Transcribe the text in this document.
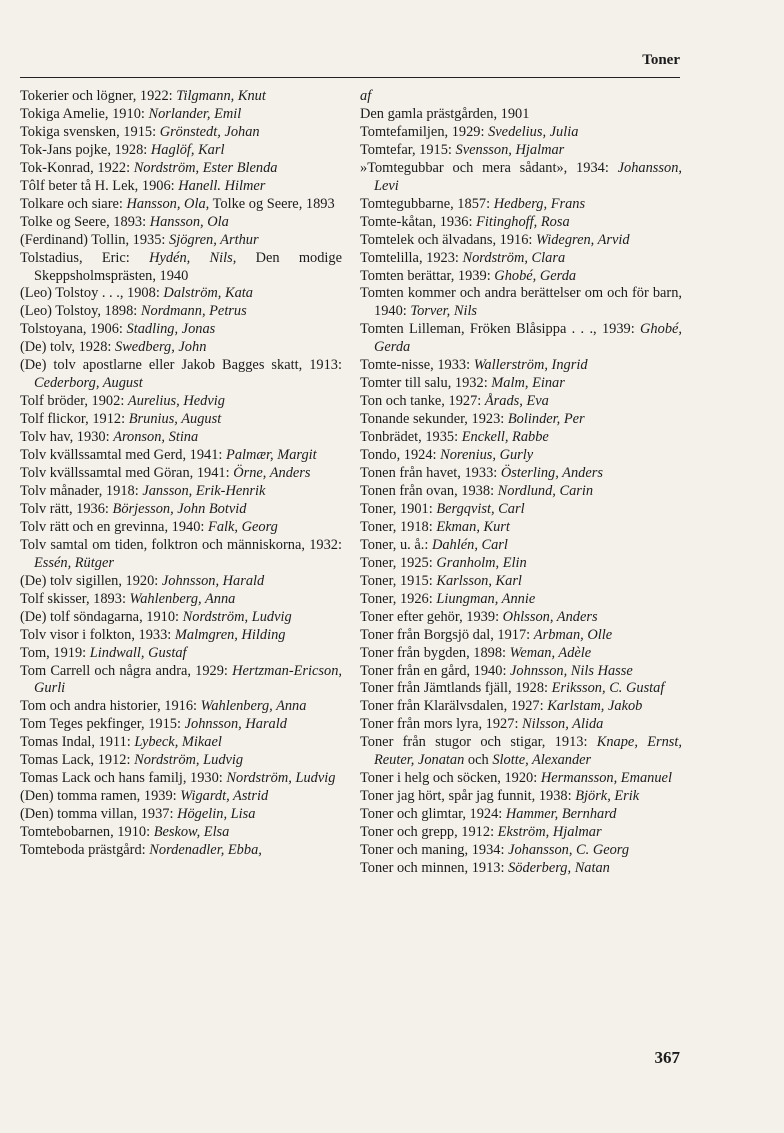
Toner
Tokerier och lögner, 1922: Tilgmann, Knut
Tokiga Amelie, 1910: Norlander, Emil
Tokiga svensken, 1915: Grönstedt, Johan
Tok-Jans pojke, 1928: Haglöf, Karl
Tok-Konrad, 1922: Nordström, Ester Blenda
Tôlf beter tå H. Lek, 1906: Hanell. Hilmer
Tolkare och siare: Hansson, Ola, Tolke og Seere, 1893
Tolke og Seere, 1893: Hansson, Ola
(Ferdinand) Tollin, 1935: Sjögren, Arthur
Tolstadius, Eric: Hydén, Nils, Den modige Skeppsholmsprästen, 1940
(Leo) Tolstoy . . ., 1908: Dalström, Kata
(Leo) Tolstoy, 1898: Nordmann, Petrus
Tolstoyana, 1906: Stadling, Jonas
(De) tolv, 1928: Swedberg, John
(De) tolv apostlarne eller Jakob Bagges skatt, 1913: Cederborg, August
Tolf bröder, 1902: Aurelius, Hedvig
Tolf flickor, 1912: Brunius, August
Tolv hav, 1930: Aronson, Stina
Tolv kvällssamtal med Gerd, 1941: Palmær, Margit
Tolv kvällssamtal med Göran, 1941: Örne, Anders
Tolv månader, 1918: Jansson, Erik-Henrik
Tolv rätt, 1936: Börjesson, John Botvid
Tolv rätt och en grevinna, 1940: Falk, Georg
Tolv samtal om tiden, folktron och människorna, 1932: Essén, Rütger
(De) tolv sigillen, 1920: Johnsson, Harald
Tolf skisser, 1893: Wahlenberg, Anna
(De) tolf söndagarna, 1910: Nordström, Ludvig
Tolv visor i folkton, 1933: Malmgren, Hilding
Tom, 1919: Lindwall, Gustaf
Tom Carrell och några andra, 1929: Hertzman-Ericson, Gurli
Tom och andra historier, 1916: Wahlenberg, Anna
Tom Teges pekfinger, 1915: Johnsson, Harald
Tomas Indal, 1911: Lybeck, Mikael
Tomas Lack, 1912: Nordström, Ludvig
Tomas Lack och hans familj, 1930: Nordström, Ludvig
(Den) tomma ramen, 1939: Wigardt, Astrid
(Den) tomma villan, 1937: Högelin, Lisa
Tomtebobarnen, 1910: Beskow, Elsa
Tomteboda prästgård: Nordenadler, Ebba,
af
Den gamla prästgården, 1901
Tomtefamiljen, 1929: Svedelius, Julia
Tomtefar, 1915: Svensson, Hjalmar
»Tomtegubbar och mera sådant», 1934: Johansson, Levi
Tomtegubbarne, 1857: Hedberg, Frans
Tomte-kåtan, 1936: Fitinghoff, Rosa
Tomtelek och älvadans, 1916: Widegren, Arvid
Tomtelilla, 1923: Nordström, Clara
Tomten berättar, 1939: Ghobé, Gerda
Tomten kommer och andra berättelser om och för barn, 1940: Torver, Nils
Tomten Lilleman, Fröken Blåsippa . . ., 1939: Ghobé, Gerda
Tomte-nisse, 1933: Wallerström, Ingrid
Tomter till salu, 1932: Malm, Einar
Ton och tanke, 1927: Årads, Eva
Tonande sekunder, 1923: Bolinder, Per
Tonbrädet, 1935: Enckell, Rabbe
Tondo, 1924: Norenius, Gurly
Tonen från havet, 1933: Österling, Anders
Tonen från ovan, 1938: Nordlund, Carin
Toner, 1901: Bergqvist, Carl
Toner, 1918: Ekman, Kurt
Toner, u. å.: Dahlén, Carl
Toner, 1925: Granholm, Elin
Toner, 1915: Karlsson, Karl
Toner, 1926: Liungman, Annie
Toner efter gehör, 1939: Ohlsson, Anders
Toner från Borgsjö dal, 1917: Arbman, Olle
Toner från bygden, 1898: Weman, Adèle
Toner från en gård, 1940: Johnsson, Nils Hasse
Toner från Jämtlands fjäll, 1928: Eriksson, C. Gustaf
Toner från Klarälvsdalen, 1927: Karlstam, Jakob
Toner från mors lyra, 1927: Nilsson, Alida
Toner från stugor och stigar, 1913: Knape, Ernst, Reuter, Jonatan och Slotte, Alexander
Toner i helg och söcken, 1920: Hermansson, Emanuel
Toner jag hört, spår jag funnit, 1938: Björk, Erik
Toner och glimtar, 1924: Hammer, Bernhard
Toner och grepp, 1912: Ekström, Hjalmar
Toner och maning, 1934: Johansson, C. Georg
Toner och minnen, 1913: Söderberg, Natan
367
